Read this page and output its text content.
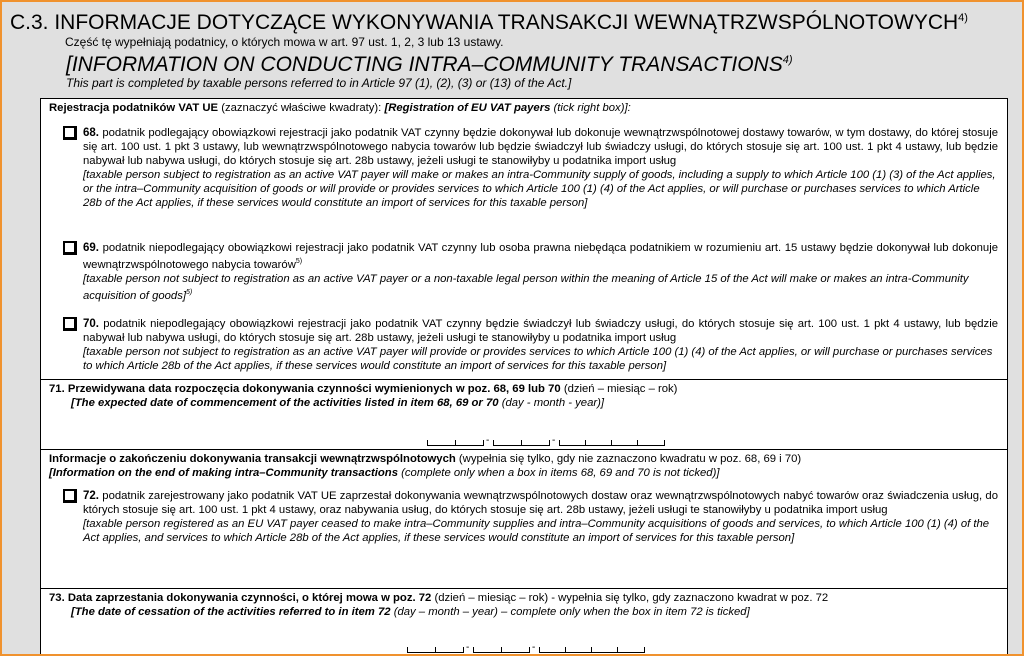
C.3. INFORMACJE DOTYCZĄCE WYKONYWANIA TRANSAKCJI WEWNĄTRZWSPÓLNOTOWYCH$^{4)}$
Część tę wypełniają podatnicy, o których mowa w art. 97 ust. 1, 2, 3 lub 13 ustawy.
[INFORMATION ON CONDUCTING INTRA–COMMUNITY TRANSACTIONS$^{4)}$
This part is completed by taxable persons referred to in Article 97 (1), (2), (3) or (13) of the Act.]
Rejestracja podatników VAT UE (zaznaczyć właściwe kwadraty): [Registration of EU VAT payers (tick right box)]:
68. podatnik podlegający obowiązkowi rejestracji jako podatnik VAT czynny będzie dokonywał lub dokonuje wewnątrzwspólnotowej dostawy towarów, w tym dostawy, do której stosuje się art. 100 ust. 1 pkt 3 ustawy, lub wewnątrzwspólnotowego nabycia towarów lub będzie świadczył lub świadczy usługi, do których stosuje się art. 100 ust. 1 pkt 4 ustawy, lub będzie nabywał lub nabywa usługi, do których stosuje się art. 28b ustawy, jeżeli usługi te stanowiłyby u podatnika import usług
[taxable person subject to registration as an active VAT payer will make or makes an intra-Community supply of goods, including a supply to which Article 100 (1) (3) of the Act applies, or the intra–Community acquisition of goods or will provide or provides services to which Article 100 (1) (4) of the Act applies, or will purchase or purchases services to which Article 28b of the Act applies, if these services would constitute an import of services for this taxable person]
69. podatnik niepodlegający obowiązkowi rejestracji jako podatnik VAT czynny lub osoba prawna niebędąca podatnikiem w rozumieniu art. 15 ustawy będzie dokonywał lub dokonuje wewnątrzwspólnotowego nabycia towarów$^{5)}$
[taxable person not subject to registration as an active VAT payer or a non-taxable legal person within the meaning of Article 15 of the Act will make or makes an intra-Community acquisition of goods]$^{5)}$
70. podatnik niepodlegający obowiązkowi rejestracji jako podatnik VAT czynny będzie świadczył lub świadczy usługi, do których stosuje się art. 100 ust. 1 pkt 4 ustawy, lub będzie nabywał lub nabywa usługi, do których stosuje się art. 28b ustawy, jeżeli usługi te stanowiłyby u podatnika import usług
[taxable person not subject to registration as an active VAT payer will provide or provides services to which Article 100 (1) (4) of the Act applies, or will purchase or purchases services to which Article 28b of the Act applies, if these services would constitute an import of services for this taxable person]
71. Przewidywana data rozpoczęcia dokonywania czynności wymienionych w poz. 68, 69 lub 70 (dzień – miesiąc – rok)
[The expected date of commencement of the activities listed in item 68, 69 or 70 (day - month - year)]
-	-
Informacje o zakończeniu dokonywania transakcji wewnątrzwspólnotowych (wypełnia się tylko, gdy nie zaznaczono kwadratu w poz. 68, 69 i 70)
[Information on the end of making intra–Community transactions (complete only when a box in items 68, 69 and 70 is not ticked)]
72. podatnik zarejestrowany jako podatnik VAT UE zaprzestał dokonywania wewnątrzwspólnotowych dostaw oraz wewnątrzwspólnotowych nabyć towarów oraz świadczenia usług, do których stosuje się art. 100 ust. 1 pkt 4 ustawy, oraz nabywania usług, do których stosuje się art. 28b ustawy, jeżeli usługi te stanowiłyby u podatnika import usług
[taxable person registered as an EU VAT payer ceased to make intra–Community supplies and intra–Community acquisitions of goods and services, to which Article 100 (1) (4) of the Act applies, and services to which Article 28b of the Act applies, if these services would constitute an import of services for this taxable person]
73. Data zaprzestania dokonywania czynności, o której mowa w poz. 72 (dzień – miesiąc – rok) - wypełnia się tylko, gdy zaznaczono kwadrat w poz. 72
[The date of cessation of the activities referred to in item 72 (day – month – year) – complete only when the box in item 72 is ticked]
-	-
